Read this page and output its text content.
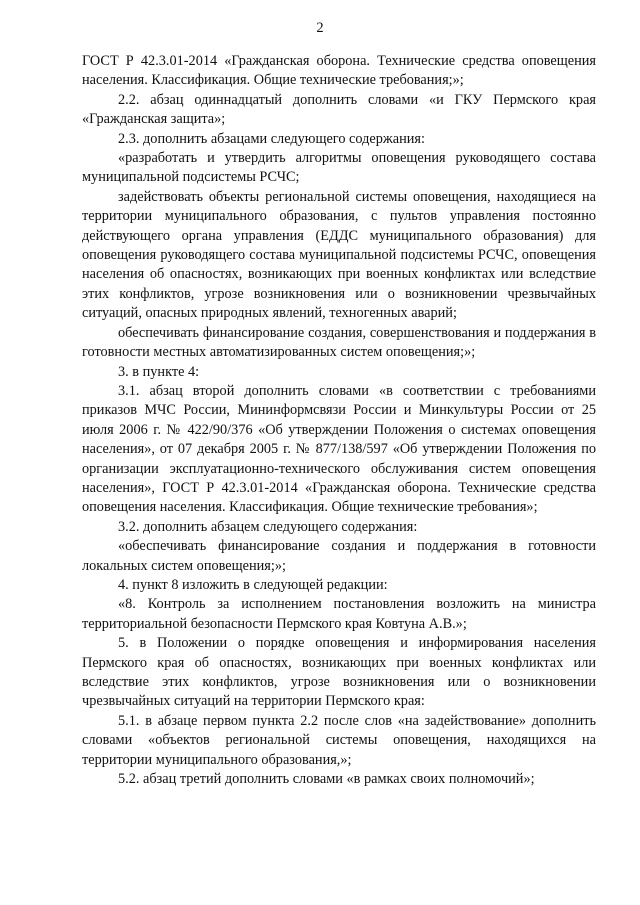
2

ГОСТ Р 42.3.01-2014 «Гражданская оборона. Технические средства оповещения населения. Классификация. Общие технические требования;»;

2.2. абзац одиннадцатый дополнить словами «и ГКУ Пермского края «Гражданская защита»;

2.3. дополнить абзацами следующего содержания:

«разработать и утвердить алгоритмы оповещения руководящего состава муниципальной подсистемы РСЧС;

задействовать объекты региональной системы оповещения, находящиеся на территории муниципального образования, с пультов управления постоянно действующего органа управления (ЕДДС муниципального образования) для оповещения руководящего состава муниципальной подсистемы РСЧС, оповещения населения об опасностях, возникающих при военных конфликтах или вследствие этих конфликтов, угрозе возникновения или о возникновении чрезвычайных ситуаций, опасных природных явлений, техногенных аварий;

обеспечивать финансирование создания, совершенствования и поддержания в готовности местных автоматизированных систем оповещения;»;

3. в пункте 4:

3.1. абзац второй дополнить словами «в соответствии с требованиями приказов МЧС России, Мининформсвязи России и Минкультуры России от 25 июля 2006 г. № 422/90/376 «Об утверждении Положения о системах оповещения населения», от 07 декабря 2005 г. № 877/138/597 «Об утверждении Положения по организации эксплуатационно-технического обслуживания систем оповещения населения», ГОСТ Р 42.3.01-2014 «Гражданская оборона. Технические средства оповещения населения. Классификация. Общие технические требования»;

3.2. дополнить абзацем следующего содержания:

«обеспечивать финансирование создания и поддержания в готовности локальных систем оповещения;»;

4. пункт 8 изложить в следующей редакции:

«8. Контроль за исполнением постановления возложить на министра территориальной безопасности Пермского края Ковтуна А.В.»;

5. в Положении о порядке оповещения и информирования населения Пермского края об опасностях, возникающих при военных конфликтах или вследствие этих конфликтов, угрозе возникновения или о возникновении чрезвычайных ситуаций на территории Пермского края:

5.1. в абзаце первом пункта 2.2 после слов «на задействование» дополнить словами «объектов региональной системы оповещения, находящихся на территории муниципального образования,»;

5.2. абзац третий дополнить словами «в рамках своих полномочий»;
